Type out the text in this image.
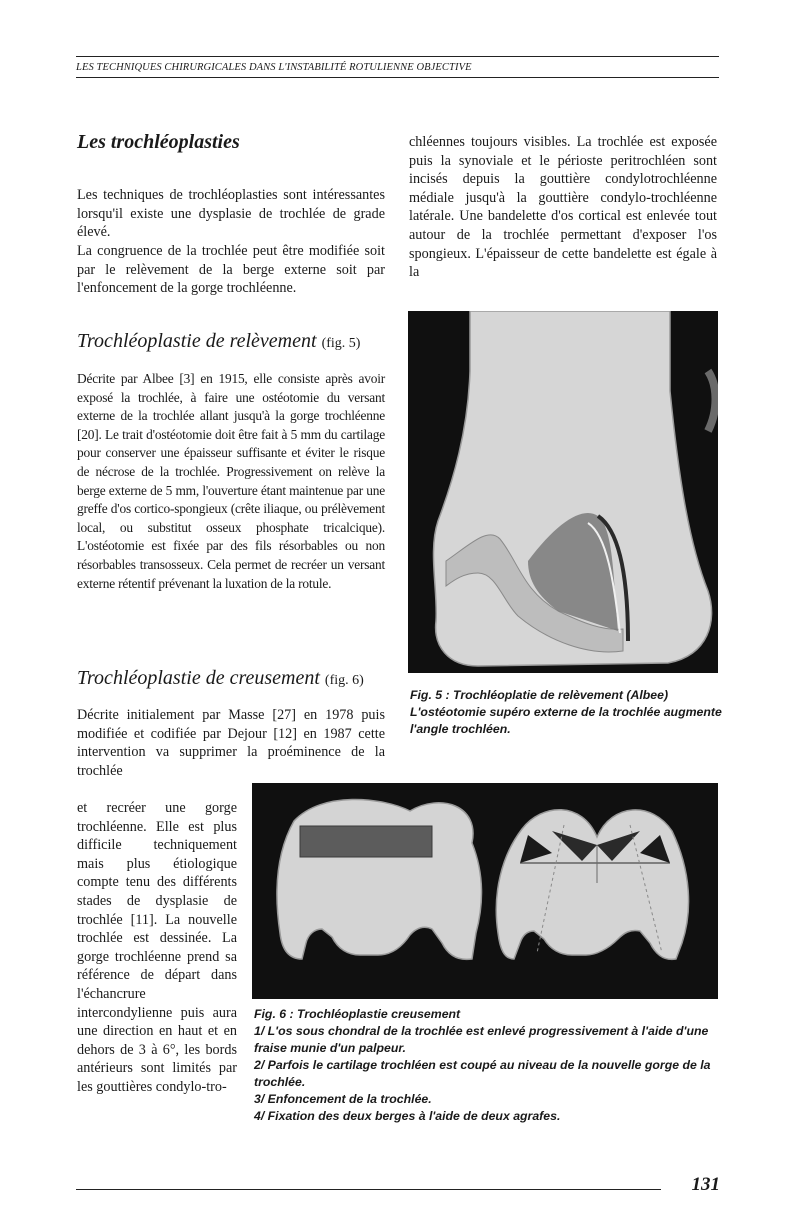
LES TECHNIQUES CHIRURGICALES DANS L'INSTABILITÉ ROTULIENNE OBJECTIVE
Les trochléoplasties
Les techniques de trochléoplasties sont intéressantes lorsqu'il existe une dysplasie de trochlée de grade élevé.
La congruence de la trochlée peut être modifiée soit par le relèvement de la berge externe soit par l'enfoncement de la gorge trochléenne.
Trochléoplastie de relèvement (fig. 5)
Décrite par Albee [3] en 1915, elle consiste après avoir exposé la trochlée, à faire une ostéotomie du versant externe de la trochlée allant jusqu'à la gorge trochléenne [20]. Le trait d'ostéotomie doit être fait à 5 mm du cartilage pour conserver une épaisseur suffisante et éviter le risque de nécrose de la trochlée. Progressivement on relève la berge externe de 5 mm, l'ouverture étant maintenue par une greffe d'os cortico-spongieux (crête iliaque, ou prélèvement local, ou substitut osseux phosphate tricalcique). L'ostéotomie est fixée par des fils résorbables ou non résorbables transosseux. Cela permet de recréer un versant externe rétentif prévenant la luxation de la rotule.
Trochléoplastie de creusement (fig. 6)
Décrite initialement par Masse [27] en 1978 puis modifiée et codifiée par Dejour [12] en 1987 cette intervention va supprimer la proéminence de la trochlée
et recréer une gorge trochléenne. Elle est plus difficile techniquement mais plus étiologique compte tenu des différents stades de dysplasie de trochlée [11]. La nouvelle trochlée est dessinée. La gorge trochléenne prend sa référence de départ dans l'échancrure intercondylienne puis aura une direction en haut et en dehors de 3 à 6°, les bords antérieurs sont limités par les gouttières condylo-tro-
chléennes toujours visibles. La trochlée est exposée puis la synoviale et le périoste peritrochléen sont incisés depuis la gouttière condylotrochléenne médiale jusqu'à la gouttière condylo-trochléenne latérale. Une bandelette d'os cortical est enlevée tout autour de la trochlée permettant d'exposer l'os spongieux. L'épaisseur de cette bandelette est égale à la
Fig. 5 : Trochléoplatie de relèvement (Albee)
L'ostéotomie supéro externe de la trochlée augmente l'angle trochléen.
Fig. 6 : Trochléoplastie creusement
1/ L'os sous chondral de la trochlée est enlevé progressivement à l'aide d'une fraise munie d'un palpeur.
2/ Parfois le cartilage trochléen est coupé au niveau de la nouvelle gorge de la trochlée.
3/ Enfoncement de la trochlée.
4/ Fixation des deux berges à l'aide de deux agrafes.
131
